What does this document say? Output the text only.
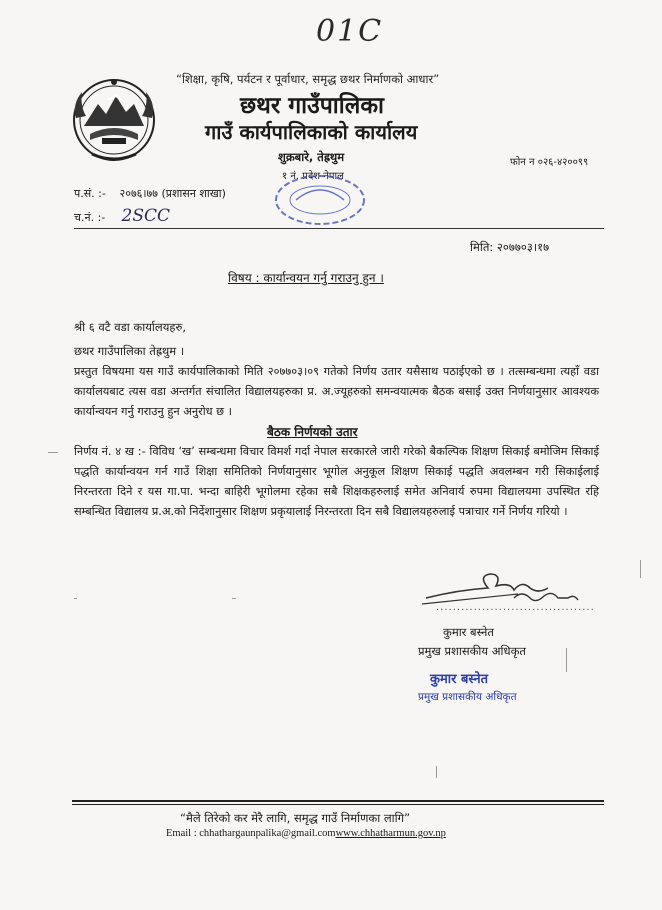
01C
“शिक्षा, कृषि, पर्यटन र पूर्वाधार, समृद्ध छथर निर्माणको आधार”
छथर गाउँपालिका
गाउँ कार्यपालिकाको कार्यालय
शुक्रबारे, तेह्रथुम
१ नं. प्रदेश नेपाल
फोन न ०२६-४२००९९
प.सं. :- २०७६।७७ (प्रशासन शाखा)
च.नं. :- 2SCC
मिति: २०७७०३।१७
विषय : कार्यान्वयन गर्नु गराउनु हुन ।
श्री ६ वटै वडा कार्यालयहरु,
छथर गाउँपालिका तेह्रथुम ।
प्रस्तुत विषयमा यस गाउँ कार्यपालिकाको मिति २०७७०३।०९ गतेको निर्णय उतार यसैसाथ पठाईएको छ । तत्सम्बन्धमा त्यहाँ वडा कार्यालयबाट त्यस वडा अन्तर्गत संचालित विद्यालयहरुका प्र. अ.ज्यूहरुको समन्वयात्मक बैठक बसाई उक्त निर्णयानुसार आवश्यक कार्यान्वयन गर्नु गराउनु हुन अनुरोध छ ।
बैठक निर्णयको उतार
निर्णय नं. ४ ख :- विविध ‘ख’ सम्बन्धमा विचार विमर्श गर्दा नेपाल सरकारले जारी गरेको बैकल्पिक शिक्षण सिकाई बमोजिम सिकाई पद्धति कार्यान्वयन गर्न गाउँ शिक्षा समितिको निर्णयानुसार भूगोल अनुकूल शिक्षण सिकाई पद्धति अवलम्बन गरी सिकाईलाई निरन्तरता दिने र यस गा.पा. भन्दा बाहिरी भूगोलमा रहेका सबै शिक्षकहरुलाई समेत अनिवार्य रुपमा विद्यालयमा उपस्थित रहि सम्बन्धित विद्यालय प्र.अ.को निर्देशानुसार शिक्षण प्रकृयालाई निरन्तरता दिन सबै विद्यालयहरुलाई पत्राचार गर्ने निर्णय गरियो ।
......................................
कुमार बस्नेत
प्रमुख प्रशासकीय अधिकृत
कुमार बस्नेत
प्रमुख प्रशासकीय अधिकृत
“मैले तिरेको कर मेरै लागि, समृद्ध गाउँ निर्माणका लागि”
Email : chhathargaunpalika@gmail.comwww.chhatharmun.gov.np
